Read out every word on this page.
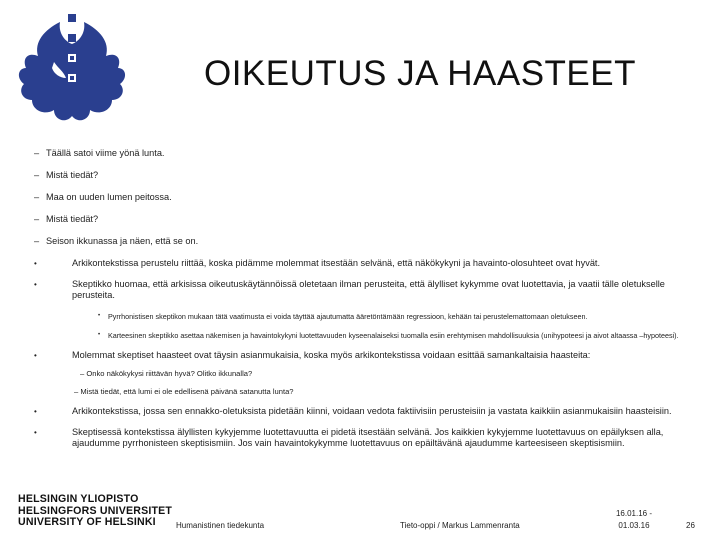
OIKEUTUS JA HAASTEET
– Täällä satoi viime yönä lunta.
– Mistä tiedät?
– Maa on uuden lumen peitossa.
– Mistä tiedät?
– Seison ikkunassa ja näen, että se on.
•	Arkikontekstissa perustelu riittää, koska pidämme molemmat itsestään selvänä, että näkökykyni ja havainto-olosuhteet ovat hyvät.
•	Skeptikko huomaa, että arkisissa oikeutuskäytännöissä oletetaan ilman perusteita, että älylliset kykymme ovat luotettavia, ja vaatii tälle oletukselle perusteita.
•	Pyrrhonistisen skeptikon mukaan tätä vaatimusta ei voida täyttää ajautumatta ääretöntämään regressioon, kehään tai perustelemattomaan oletukseen.
•	Karteesinen skeptikko asettaa näkemisen ja havaintokykyni luotettavuuden kyseenalaiseksi tuomalla esiin erehtymisen mahdollisuuksia (unihypoteesi ja aivot altaassa –hypoteesi).
•	Molemmat skeptiset haasteet ovat täysin asianmukaisia, koska myös arkikontekstissa voidaan esittää samankaltaisia haasteita:
– Onko näkökykysi riittävän hyvä? Olitko ikkunalla?
– Mistä tiedät, että lumi ei ole edellisenä päivänä satanutta lunta?
•	Arkikontekstissa, jossa sen ennakko-oletuksista pidetään kiinni, voidaan vedota faktiivisiin perusteisiin ja vastata kaikkiin asianmukaisiin haasteisiin.
•	Skeptisessä kontekstissa älyllisten kykyjemme luotettavuutta ei pidetä itsestään selvänä. Jos kaikkien kykyjemme luotettavuus on epäilyksen alla, ajaudumme pyrrhonisteen skeptisismiin. Jos vain havaintokykymme luotettavuus on epäiltävänä ajaudumme karteesiseen skeptisismiin.
HELSINGIN YLIOPISTO
HELSINGFORS UNIVERSITET
UNIVERSITY OF HELSINKI	Humanistinen tiedekunta	Tieto-oppi / Markus Lammenranta
16.01.16 -
01.03.16	26
